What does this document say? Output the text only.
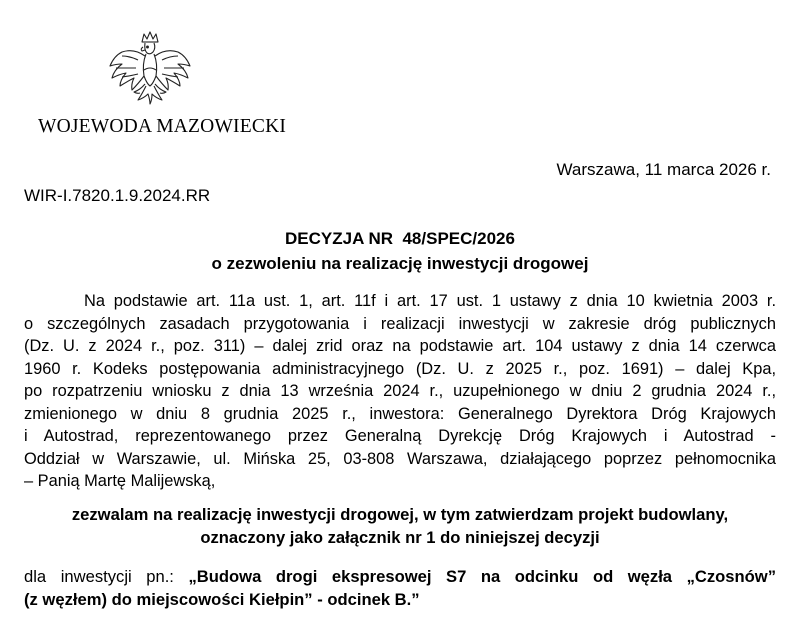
WOJEWODA MAZOWIECKI
Warszawa, 11 marca 2026 r.
WIR-I.7820.1.9.2024.RR
DECYZJA NR  48/SPEC/2026
o zezwoleniu na realizację inwestycji drogowej
Na podstawie art. 11a ust. 1, art. 11f i art. 17 ust. 1 ustawy z dnia 10 kwietnia 2003 r.
o szczególnych zasadach przygotowania i realizacji inwestycji w zakresie dróg publicznych
(Dz. U. z 2024 r., poz. 311) – dalej zrid oraz na podstawie art. 104 ustawy z dnia 14 czerwca
1960 r. Kodeks postępowania administracyjnego (Dz. U. z 2025 r., poz. 1691) – dalej Kpa,
po rozpatrzeniu wniosku z dnia 13 września 2024 r., uzupełnionego w dniu 2 grudnia 2024 r.,
zmienionego w dniu 8 grudnia 2025 r., inwestora: Generalnego Dyrektora Dróg Krajowych
i Autostrad, reprezentowanego przez Generalną Dyrekcję Dróg Krajowych i Autostrad -
Oddział w Warszawie, ul. Mińska 25, 03-808 Warszawa, działającego poprzez pełnomocnika
– Panią Martę Malijewską,
zezwalam na realizację inwestycji drogowej, w tym zatwierdzam projekt budowlany,
oznaczony jako załącznik nr 1 do niniejszej decyzji
dla inwestycji pn.: „Budowa drogi ekspresowej S7 na odcinku od węzła „Czosnów”
(z węzłem) do miejscowości Kiełpin” - odcinek B.”
